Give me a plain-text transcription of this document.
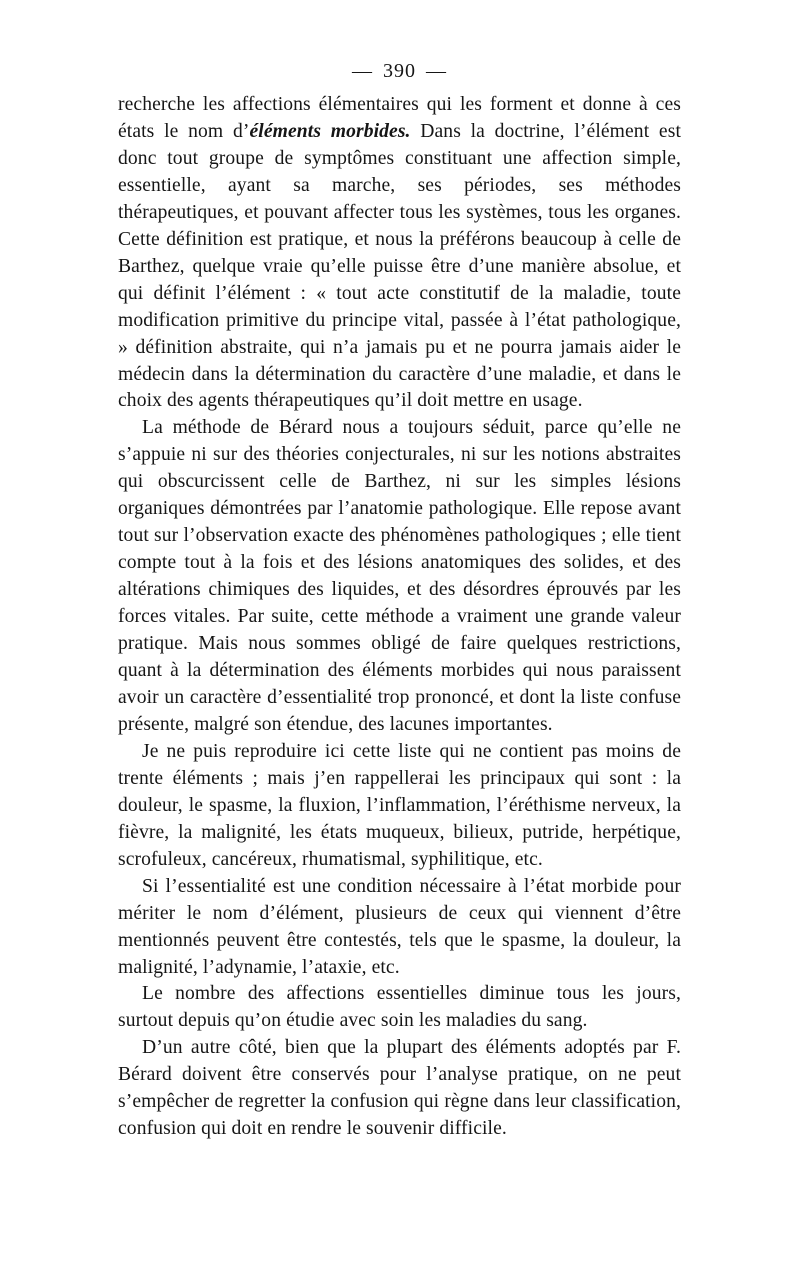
— 390 —

recherche les affections élémentaires qui les forment et donne à ces états le nom d’éléments morbides. Dans la doctrine, l’élément est donc tout groupe de symptômes constituant une affection simple, essentielle, ayant sa marche, ses périodes, ses méthodes thérapeutiques, et pouvant affecter tous les systèmes, tous les organes. Cette définition est pratique, et nous la préférons beaucoup à celle de Barthez, quelque vraie qu’elle puisse être d’une manière absolue, et qui définit l’élément : « tout acte constitutif de la maladie, toute modification primitive du principe vital, passée à l’état pathologique, » définition abstraite, qui n’a jamais pu et ne pourra jamais aider le médecin dans la détermination du caractère d’une maladie, et dans le choix des agents thérapeutiques qu’il doit mettre en usage.

La méthode de Bérard nous a toujours séduit, parce qu’elle ne s’appuie ni sur des théories conjecturales, ni sur les notions abstraites qui obscurcissent celle de Barthez, ni sur les simples lésions organiques démontrées par l’anatomie pathologique. Elle repose avant tout sur l’observation exacte des phénomènes pathologiques ; elle tient compte tout à la fois et des lésions anatomiques des solides, et des altérations chimiques des liquides, et des désordres éprouvés par les forces vitales. Par suite, cette méthode a vraiment une grande valeur pratique. Mais nous sommes obligé de faire quelques restrictions, quant à la détermination des éléments morbides qui nous paraissent avoir un caractère d’essentialité trop prononcé, et dont la liste confuse présente, malgré son étendue, des lacunes importantes.

Je ne puis reproduire ici cette liste qui ne contient pas moins de trente éléments ; mais j’en rappellerai les principaux qui sont : la douleur, le spasme, la fluxion, l’inflammation, l’éréthisme nerveux, la fièvre, la malignité, les états muqueux, bilieux, putride, herpétique, scrofuleux, cancéreux, rhumatismal, syphilitique, etc.

Si l’essentialité est une condition nécessaire à l’état morbide pour mériter le nom d’élément, plusieurs de ceux qui viennent d’être mentionnés peuvent être contestés, tels que le spasme, la douleur, la malignité, l’adynamie, l’ataxie, etc.

Le nombre des affections essentielles diminue tous les jours, surtout depuis qu’on étudie avec soin les maladies du sang.

D’un autre côté, bien que la plupart des éléments adoptés par F. Bérard doivent être conservés pour l’analyse pratique, on ne peut s’empêcher de regretter la confusion qui règne dans leur classification, confusion qui doit en rendre le souvenir difficile.
